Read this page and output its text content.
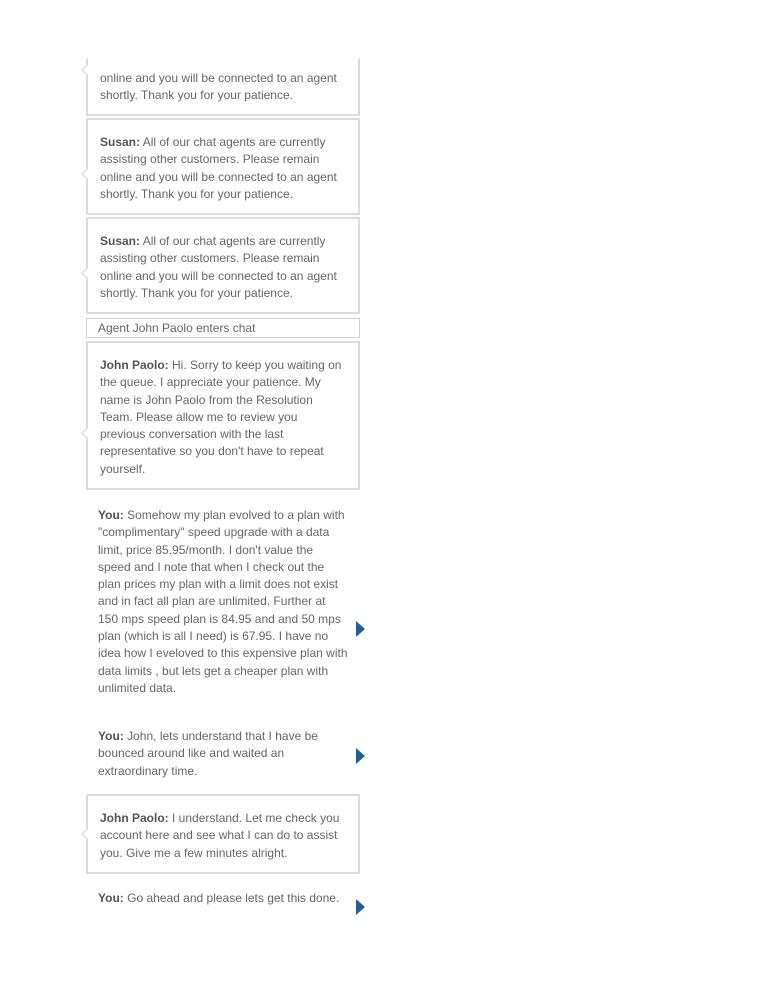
online and you will be connected to an agent shortly. Thank you for your patience.
Susan: All of our chat agents are currently assisting other customers. Please remain online and you will be connected to an agent shortly. Thank you for your patience.
Susan: All of our chat agents are currently assisting other customers. Please remain online and you will be connected to an agent shortly. Thank you for your patience.
Agent John Paolo enters chat
John Paolo: Hi. Sorry to keep you waiting on the queue. I appreciate your patience. My name is John Paolo from the Resolution Team. Please allow me to review you previous conversation with the last representative so you don't have to repeat yourself.
You: Somehow my plan evolved to a plan with "complimentary" speed upgrade with a data limit, price 85.95/month. I don't value the speed and I note that when I check out the plan prices my plan with a limit does not exist and in fact all plan are unlimited. Further at 150 mps speed plan is 84.95 and and 50 mps plan (which is all I need) is 67.95. I have no idea how I eveloved to this expensive plan with data limits , but lets get a cheaper plan with unlimited data.
You: John, lets understand that I have be bounced around like and waited an extraordinary time.
John Paolo: I understand. Let me check you account here and see what I can do to assist you. Give me a few minutes alright.
You: Go ahead and please lets get this done.
